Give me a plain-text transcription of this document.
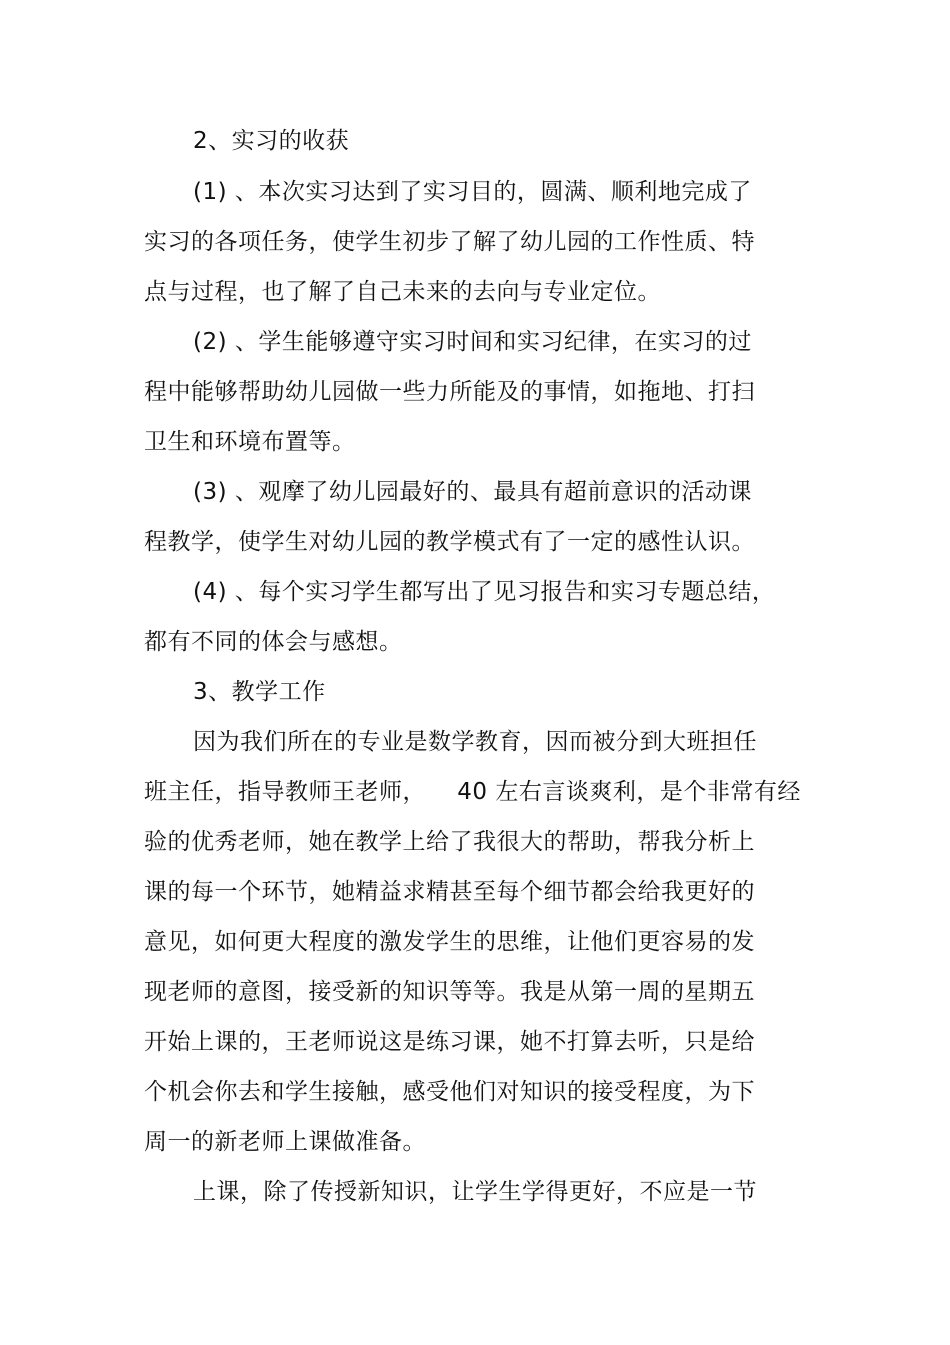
2、实习的收获
(1) 、本次实习达到了实习目的，圆满、顺利地完成了
实习的各项任务，使学生初步了解了幼儿园的工作性质、特
点与过程，也了解了自己未来的去向与专业定位。
(2) 、学生能够遵守实习时间和实习纪律，在实习的过
程中能够帮助幼儿园做一些力所能及的事情，如拖地、打扫
卫生和环境布置等。
(3) 、观摩了幼儿园最好的、最具有超前意识的活动课
程教学，使学生对幼儿园的教学模式有了一定的感性认识。
(4) 、每个实习学生都写出了见习报告和实习专题总结，
都有不同的体会与感想。
3、教学工作
因为我们所在的专业是数学教育，因而被分到大班担任
班主任，指导教师王老师，    40 左右言谈爽利，是个非常有经
验的优秀老师，她在教学上给了我很大的帮助，帮我分析上
课的每一个环节，她精益求精甚至每个细节都会给我更好的
意见，如何更大程度的激发学生的思维，让他们更容易的发
现老师的意图，接受新的知识等等。我是从第一周的星期五
开始上课的，王老师说这是练习课，她不打算去听，只是给
个机会你去和学生接触，感受他们对知识的接受程度，为下
周一的新老师上课做准备。
上课，除了传授新知识，让学生学得更好，不应是一节
